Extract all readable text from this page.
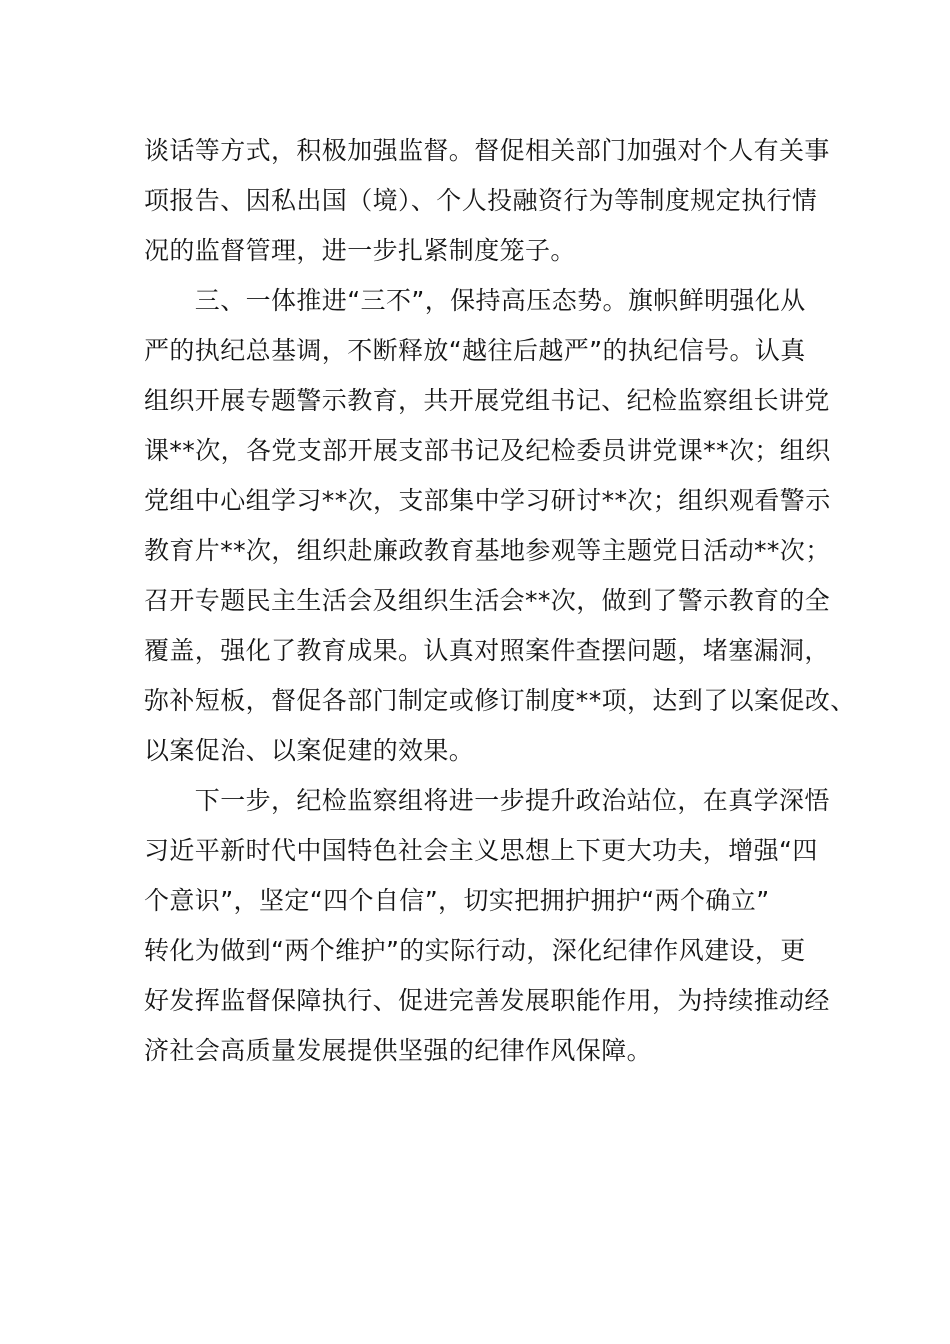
谈话等方式，积极加强监督。督促相关部门加强对个人有关事
项报告、因私出国（境）、个人投融资行为等制度规定执行情
况的监督管理，进一步扎紧制度笼子。
　　三、一体推进“三不”，保持高压态势。旗帜鲜明强化从
严的执纪总基调，不断释放“越往后越严”的执纪信号。认真
组织开展专题警示教育，共开展党组书记、纪检监察组长讲党
课**次，各党支部开展支部书记及纪检委员讲党课**次；组织
党组中心组学习**次，支部集中学习研讨**次；组织观看警示
教育片**次，组织赴廉政教育基地参观等主题党日活动**次；
召开专题民主生活会及组织生活会**次，做到了警示教育的全
覆盖，强化了教育成果。认真对照案件查摆问题，堵塞漏洞，
弥补短板，督促各部门制定或修订制度**项，达到了以案促改、
以案促治、以案促建的效果。
　　下一步，纪检监察组将进一步提升政治站位，在真学深悟
习近平新时代中国特色社会主义思想上下更大功夫，增强“四
个意识”，坚定“四个自信”，切实把拥护拥护“两个确立”
转化为做到“两个维护”的实际行动，深化纪律作风建设，更
好发挥监督保障执行、促进完善发展职能作用，为持续推动经
济社会高质量发展提供坚强的纪律作风保障。
